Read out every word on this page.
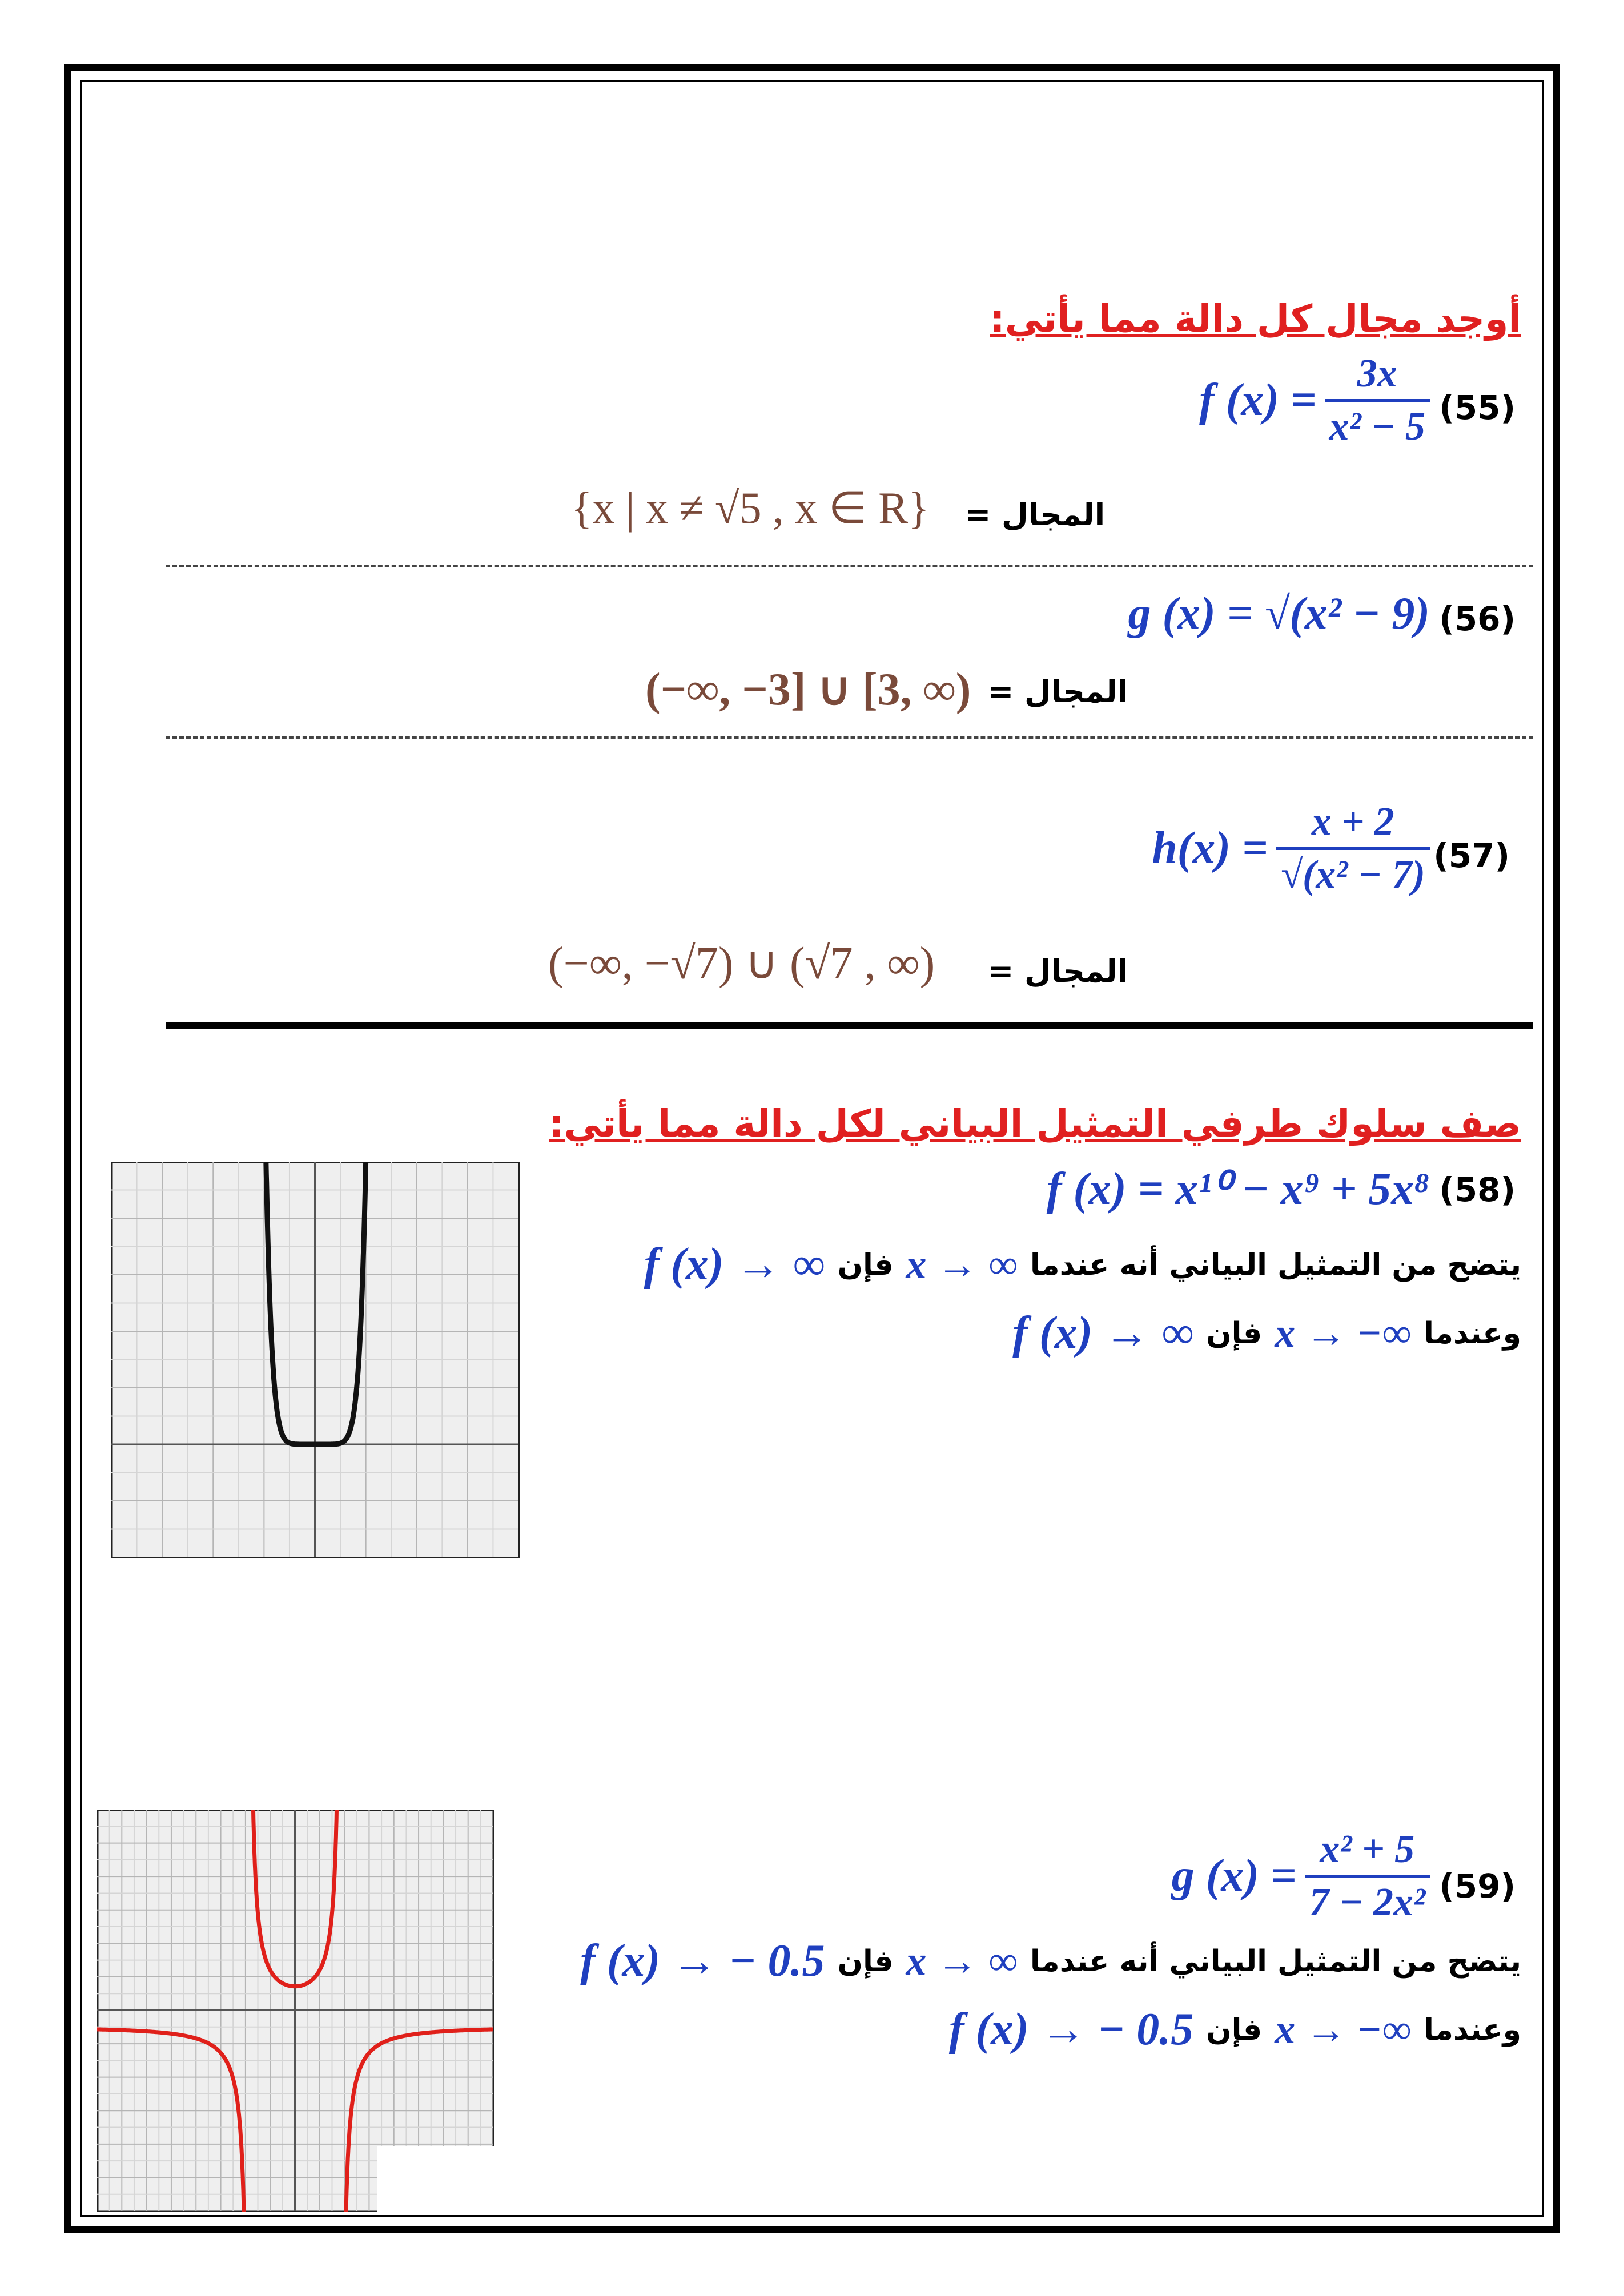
أوجد مجال كل دالة مما يأتي:
(55)
f $(x) = \frac{3x}{\text{x² − 5}}$
المجال =
{x | x ≠ √5 , x ∈ R}
(56)
g (x) = √(x² − 9)
المجال =
(−∞, −3] ∪ [3, ∞)
(57)
$h(x) = \frac{x + 2}{\text{√(x² − 7)}}$
المجال =
(−∞, −√7) ∪ (√7 , ∞)
صف سلوك طرفي التمثيل البياني لكل دالة مما يأتي:
(58)
f (x) = x¹⁰ − x⁹ + 5x⁸
يتضح من التمثيل البياني أنه عندما
x → ∞
فإن
f (x) → ∞
وعندما
x → −∞
فإن
f (x) → ∞
(59)
g $(x) = \frac{\text{x² + 5}}{\text{7 − 2x²}}$
يتضح من التمثيل البياني أنه عندما
x → ∞
فإن
f (x) → − 0.5
وعندما
x → −∞
فإن
f (x) → − 0.5
